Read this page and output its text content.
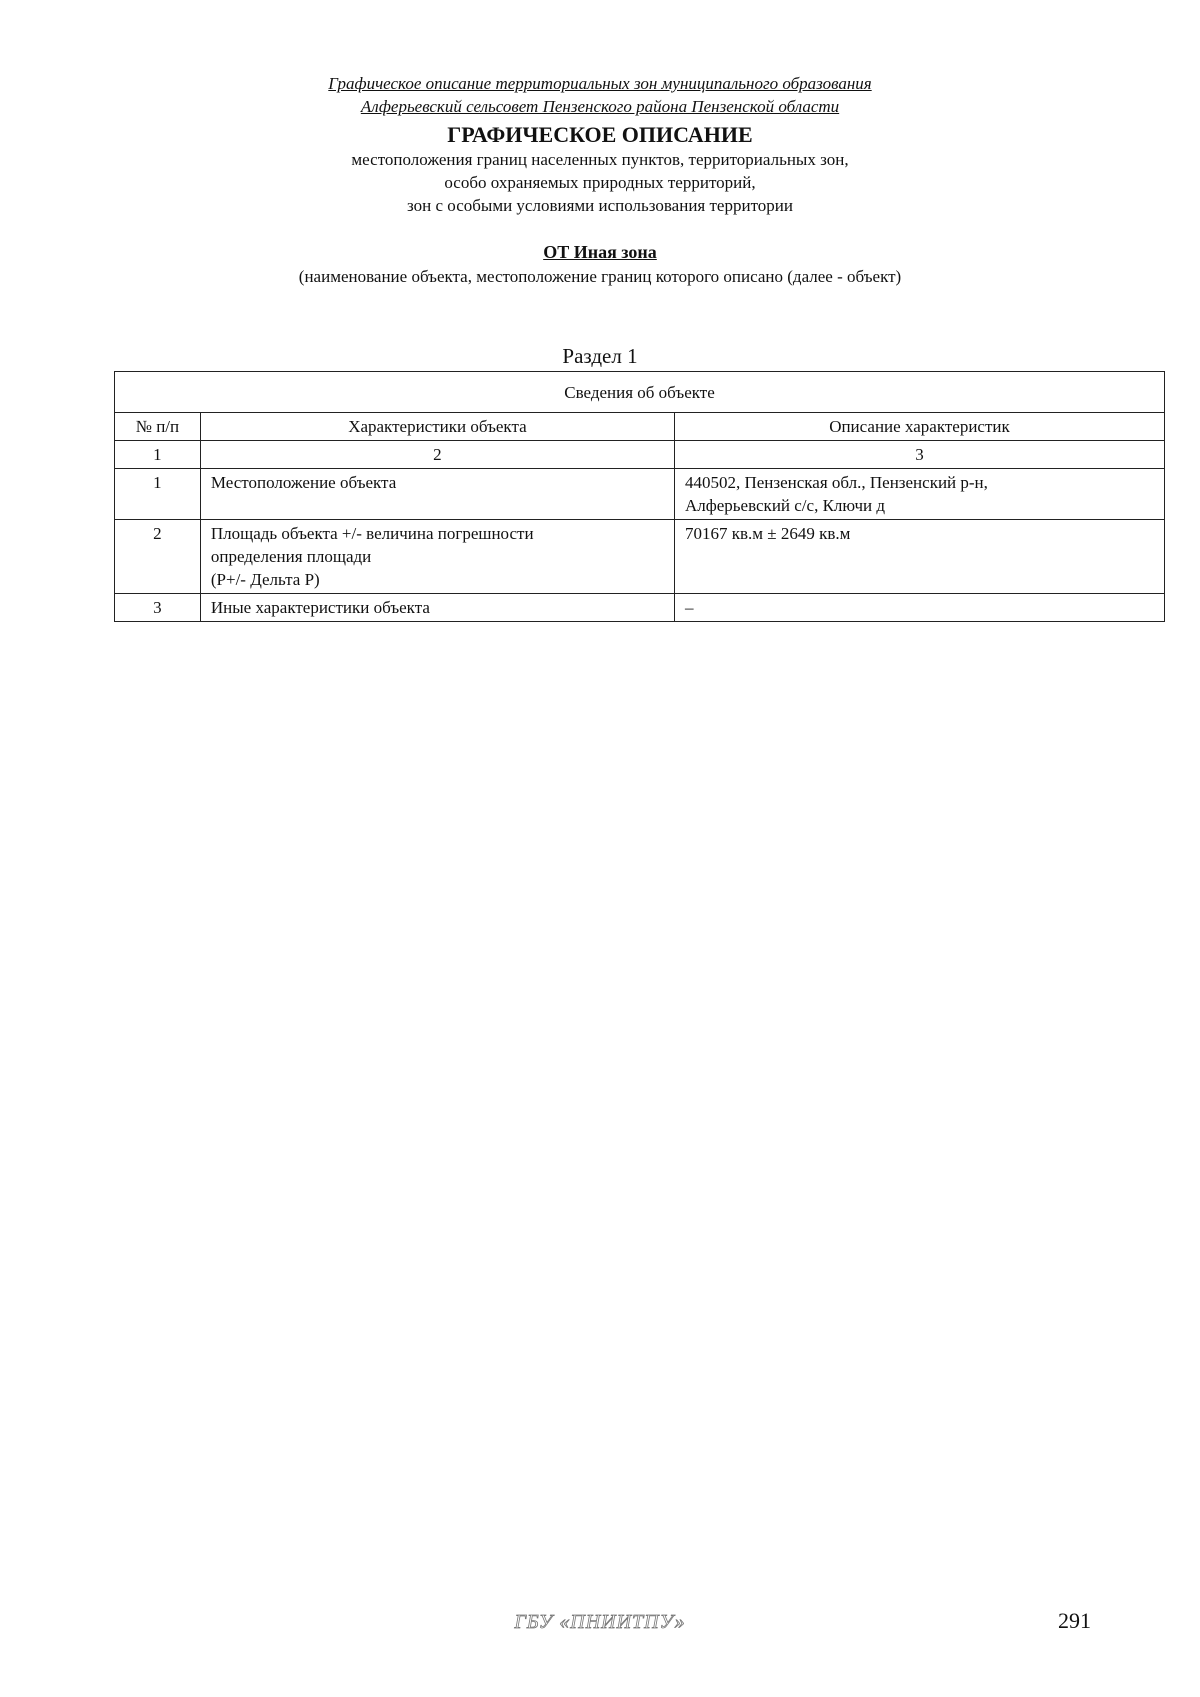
Графическое описание территориальных зон муниципального образования
Алферьевский сельсовет Пензенского района Пензенской области
ГРАФИЧЕСКОЕ ОПИСАНИЕ
местоположения границ населенных пунктов, территориальных зон,
особо охраняемых природных территорий,
зон с особыми условиями использования территории
ОТ Иная зона
(наименование объекта, местоположение границ которого описано (далее - объект)
Раздел 1
Сведения об объекте		
№ п/п	Характеристики объекта	Описание характеристик
1	2	3
1	Местоположение объекта	440502, Пензенская обл., Пензенский р-н,
Алферьевский с/с, Ключи д

2	Площадь объекта +/- величина погрешности
определения площади
(P+/- Дельта P)	70167 кв.м ± 2649 кв.м

3	Иные характеристики объекта	–
ГБУ «ПНИИТПУ»	291
